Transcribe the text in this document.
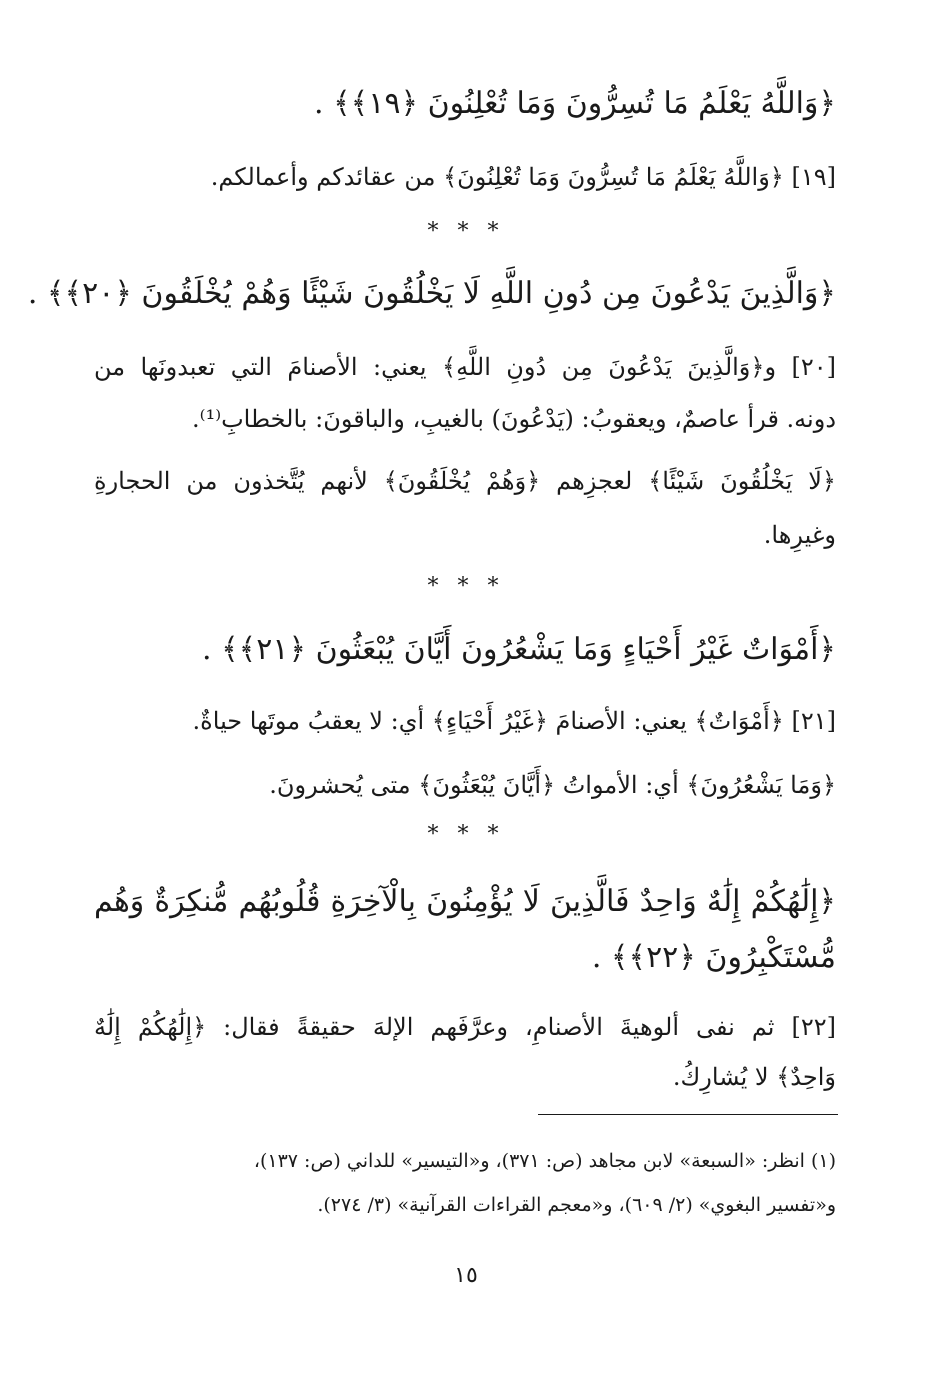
﴿وَاللَّهُ يَعْلَمُ مَا تُسِرُّونَ وَمَا تُعْلِنُونَ ﴿١٩﴾﴾ .
[١٩] ﴿وَاللَّهُ يَعْلَمُ مَا تُسِرُّونَ وَمَا تُعْلِنُونَ﴾ من عقائدكم وأعمالكم.
* * *
﴿وَالَّذِينَ يَدْعُونَ مِن دُونِ اللَّهِ لَا يَخْلُقُونَ شَيْئًا وَهُمْ يُخْلَقُونَ ﴿٢٠﴾﴾ .
[٢٠] و﴿وَالَّذِينَ يَدْعُونَ مِن دُونِ اللَّهِ﴾ يعني: الأصنامَ التي تعبدونَها من
دونه. قرأ عاصمٌ، ويعقوبُ: (يَدْعُونَ) بالغيبِ، والباقونَ: بالخطابِ⁽¹⁾.
﴿لَا يَخْلُقُونَ شَيْئًا﴾ لعجزِهم ﴿وَهُمْ يُخْلَقُونَ﴾ لأنهم يُتَّخذون من الحجارةِ
وغيرِها.
* * *
﴿أَمْوَاتٌ غَيْرُ أَحْيَاءٍ وَمَا يَشْعُرُونَ أَيَّانَ يُبْعَثُونَ ﴿٢١﴾﴾ .
[٢١] ﴿أَمْوَاتٌ﴾ يعني: الأصنامَ ﴿غَيْرُ أَحْيَاءٍ﴾ أي: لا يعقبُ موتَها حياةٌ.
﴿وَمَا يَشْعُرُونَ﴾ أي: الأمواتُ ﴿أَيَّانَ يُبْعَثُونَ﴾ متى يُحشرونَ.
* * *
﴿إِلَٰهُكُمْ إِلَٰهٌ وَاحِدٌ فَالَّذِينَ لَا يُؤْمِنُونَ بِالْآخِرَةِ قُلُوبُهُم مُّنكِرَةٌ وَهُم
مُّسْتَكْبِرُونَ ﴿٢٢﴾﴾ .
[٢٢] ثم نفى ألوهيةَ الأصنامِ، وعرَّفَهم الإلهَ حقيقةً فقال: ﴿إِلَٰهُكُمْ إِلَٰهٌ
وَاحِدٌ﴾ لا يُشارِكُ.
(١) انظر: «السبعة» لابن مجاهد (ص: ٣٧١)، و«التيسير» للداني (ص: ١٣٧)،
و«تفسير البغوي» (٢/ ٦٠٩)، و«معجم القراءات القرآنية» (٣/ ٢٧٤).
١٥
